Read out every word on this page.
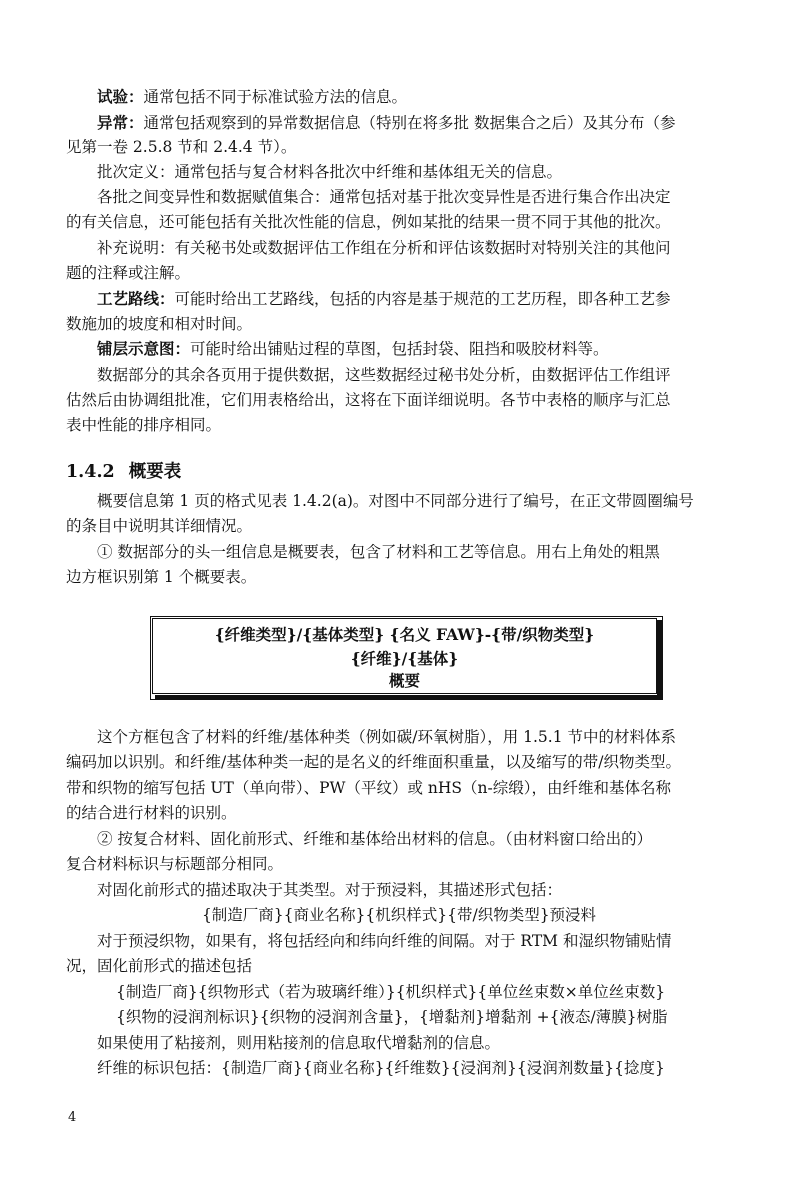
试验：通常包括不同于标准试验方法的信息。
异常：通常包括观察到的异常数据信息（特别在将多批 数据集合之后）及其分布（参
见第一卷 2.5.8 节和 2.4.4 节）。
批次定义：通常包括与复合材料各批次中纤维和基体组无关的信息。
各批之间变异性和数据赋值集合：通常包括对基于批次变异性是否进行集合作出决定
的有关信息，还可能包括有关批次性能的信息，例如某批的结果一贯不同于其他的批次。
补充说明：有关秘书处或数据评估工作组在分析和评估该数据时对特别关注的其他问
题的注释或注解。
工艺路线：可能时给出工艺路线，包括的内容是基于规范的工艺历程，即各种工艺参
数施加的坡度和相对时间。
铺层示意图：可能时给出铺贴过程的草图，包括封袋、阻挡和吸胶材料等。
数据部分的其余各页用于提供数据，这些数据经过秘书处分析，由数据评估工作组评
估然后由协调组批准，它们用表格给出，这将在下面详细说明。各节中表格的顺序与汇总
表中性能的排序相同。
1.4.2 概要表
概要信息第 1 页的格式见表 1.4.2(a)。对图中不同部分进行了编号，在正文带圆圈编号
的条目中说明其详细情况。
① 数据部分的头一组信息是概要表，包含了材料和工艺等信息。用右上角处的粗黑
边方框识别第 1 个概要表。
{纤维类型}/{基体类型} {名义 FAW}-{带/织物类型}
{纤维}/{基体}
概要
这个方框包含了材料的纤维/基体种类（例如碳/环氧树脂），用 1.5.1 节中的材料体系
编码加以识别。和纤维/基体种类一起的是名义的纤维面积重量，以及缩写的带/织物类型。
带和织物的缩写包括 UT（单向带）、PW（平纹）或 nHS（n-综缎），由纤维和基体名称
的结合进行材料的识别。
② 按复合材料、固化前形式、纤维和基体给出材料的信息。（由材料窗口给出的）
复合材料标识与标题部分相同。
对固化前形式的描述取决于其类型。对于预浸料，其描述形式包括：
{制造厂商}{商业名称}{机织样式}{带/织物类型}预浸料
对于预浸织物，如果有，将包括经向和纬向纤维的间隔。对于 RTM 和湿织物铺贴情
况，固化前形式的描述包括
{制造厂商}{织物形式（若为玻璃纤维）}{机织样式}{单位丝束数×单位丝束数}
{织物的浸润剂标识}{织物的浸润剂含量}，{增黏剂}增黏剂 +{液态/薄膜}树脂
如果使用了粘接剂，则用粘接剂的信息取代增黏剂的信息。
纤维的标识包括：{制造厂商}{商业名称}{纤维数}{浸润剂}{浸润剂数量}{捻度}
4
